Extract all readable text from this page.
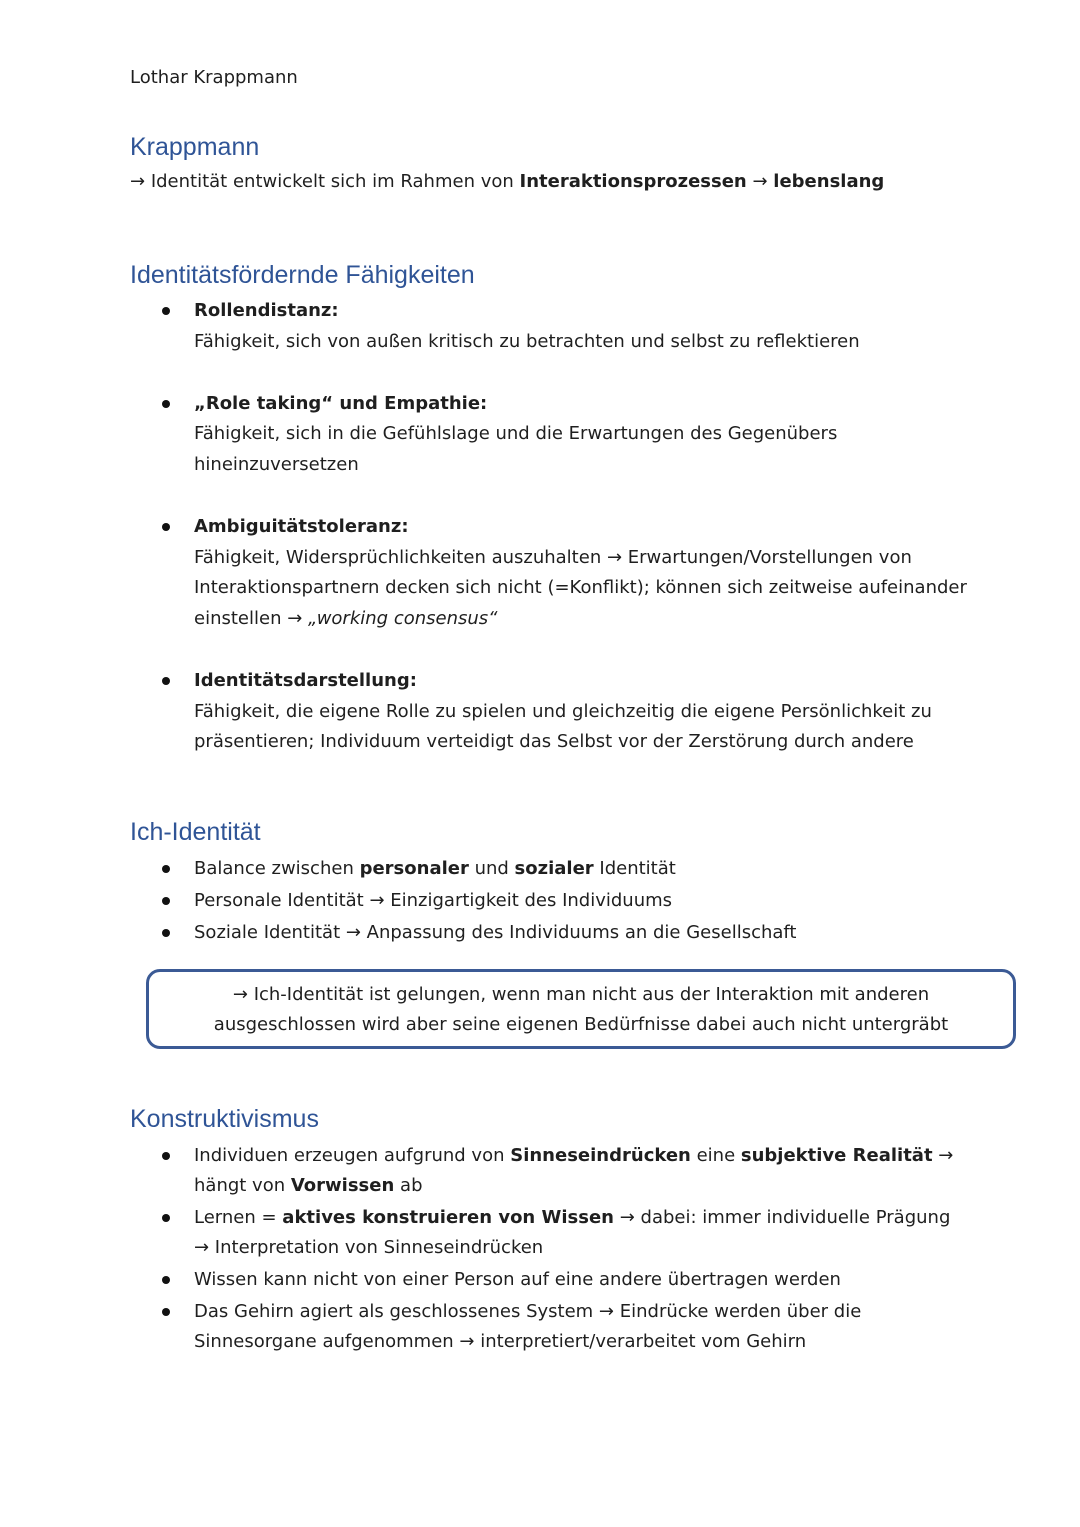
Lothar Krappmann
Krappmann
→ Identität entwickelt sich im Rahmen von Interaktionsprozessen → lebenslang
Identitätsfördernde Fähigkeiten
Rollendistanz:
Fähigkeit, sich von außen kritisch zu betrachten und selbst zu reflektieren
„Role taking“ und Empathie:
Fähigkeit, sich in die Gefühlslage und die Erwartungen des Gegenübers
hineinzuversetzen
Ambiguitätstoleranz:
Fähigkeit, Widersprüchlichkeiten auszuhalten → Erwartungen/Vorstellungen von
Interaktionspartnern decken sich nicht (=Konflikt); können sich zeitweise aufeinander
einstellen → „working consensus“
Identitätsdarstellung:
Fähigkeit, die eigene Rolle zu spielen und gleichzeitig die eigene Persönlichkeit zu
präsentieren; Individuum verteidigt das Selbst vor der Zerstörung durch andere
Ich-Identität
Balance zwischen personaler und sozialer Identität
Personale Identität → Einzigartigkeit des Individuums
Soziale Identität → Anpassung des Individuums an die Gesellschaft
→ Ich-Identität ist gelungen, wenn man nicht aus der Interaktion mit anderen
ausgeschlossen wird aber seine eigenen Bedürfnisse dabei auch nicht untergräbt
Konstruktivismus
Individuen erzeugen aufgrund von Sinneseindrücken eine subjektive Realität →
hängt von Vorwissen ab
Lernen = aktives konstruieren von Wissen → dabei: immer individuelle Prägung
→ Interpretation von Sinneseindrücken
Wissen kann nicht von einer Person auf eine andere übertragen werden
Das Gehirn agiert als geschlossenes System → Eindrücke werden über die
Sinnesorgane aufgenommen → interpretiert/verarbeitet vom Gehirn
